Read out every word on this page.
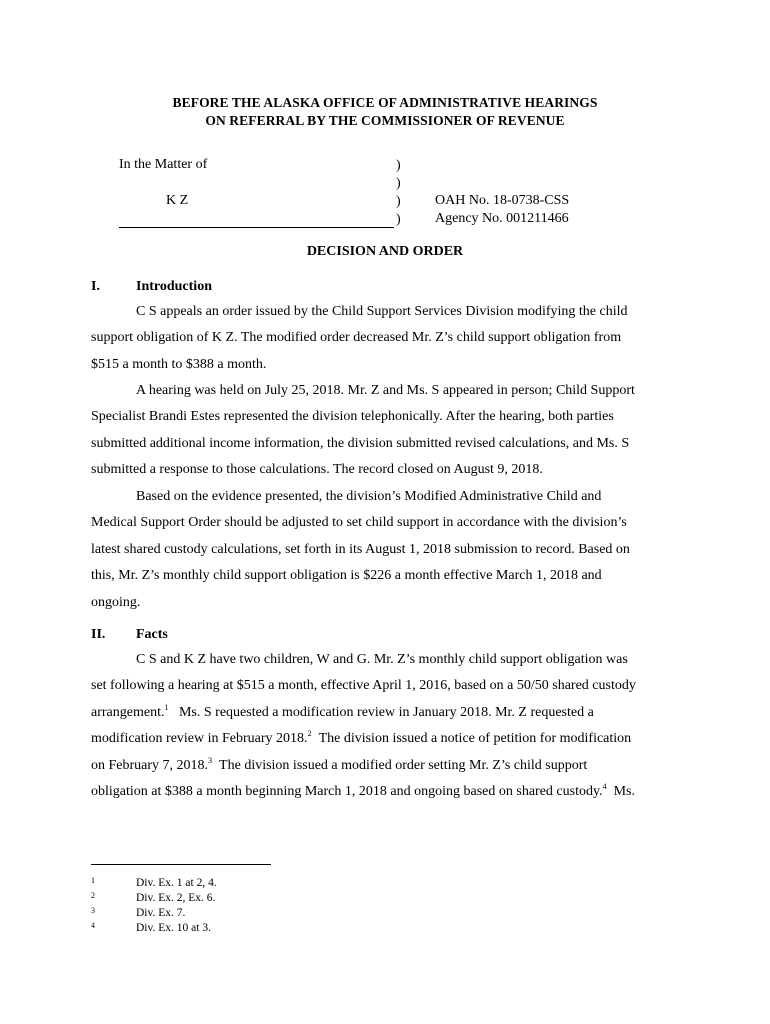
BEFORE THE ALASKA OFFICE OF ADMINISTRATIVE HEARINGS
ON REFERRAL BY THE COMMISSIONER OF REVENUE
In the Matter of
K Z
)
)
)
)
OAH No. 18-0738-CSS
Agency No. 001211466
DECISION AND ORDER
I.	Introduction
C S appeals an order issued by the Child Support Services Division modifying the child
support obligation of K Z. The modified order decreased Mr. Z’s child support obligation from
$515 a month to $388 a month.
A hearing was held on July 25, 2018. Mr. Z and Ms. S appeared in person; Child Support
Specialist Brandi Estes represented the division telephonically. After the hearing, both parties
submitted additional income information, the division submitted revised calculations, and Ms. S
submitted a response to those calculations. The record closed on August 9, 2018.
Based on the evidence presented, the division’s Modified Administrative Child and
Medical Support Order should be adjusted to set child support in accordance with the division’s
latest shared custody calculations, set forth in its August 1, 2018 submission to record. Based on
this, Mr. Z’s monthly child support obligation is $226 a month effective March 1, 2018 and
ongoing.
II. Facts
C S and K Z have two children, W and G. Mr. Z’s monthly child support obligation was
set following a hearing at $515 a month, effective April 1, 2016, based on a 50/50 shared custody
arrangement.$^1$ Ms. S requested a modification review in January 2018. Mr. Z requested a
modification review in February 2018.$^2$ The division issued a notice of petition for modification
on February 7, 2018.$^3$ The division issued a modified order setting Mr. Z’s child support
obligation at $388 a month beginning March 1, 2018 and ongoing based on shared custody.$^4$ Ms.
1	Div. Ex. 1 at 2, 4.
2	Div. Ex. 2, Ex. 6.
3	Div. Ex. 7.
4	Div. Ex. 10 at 3.
